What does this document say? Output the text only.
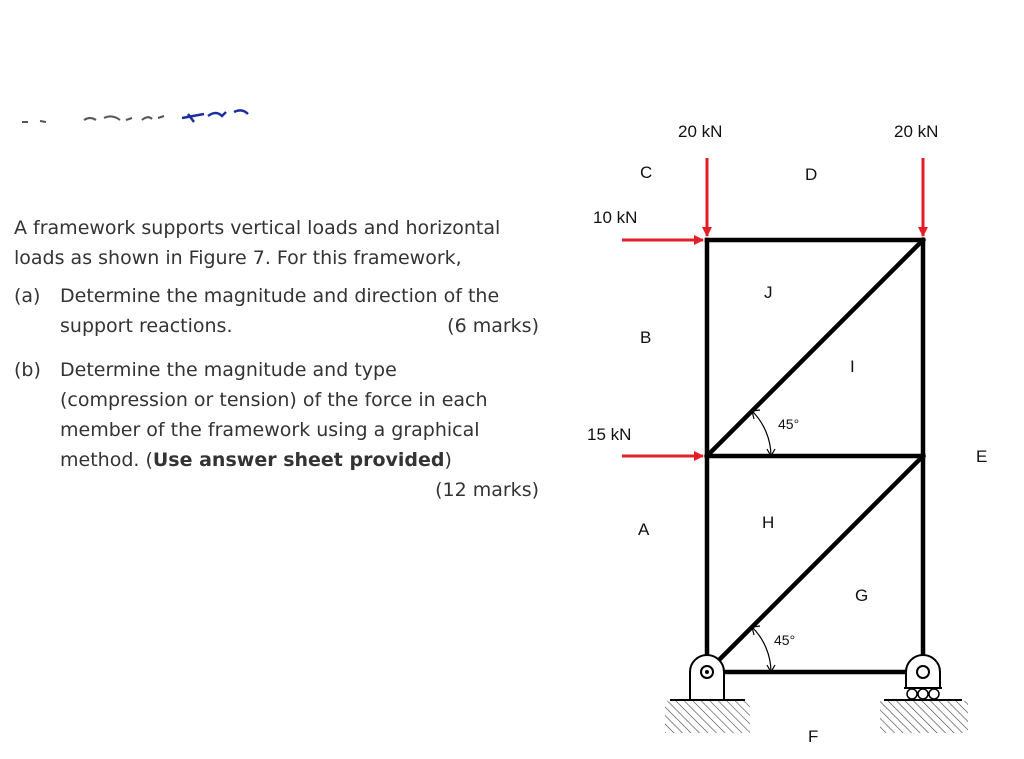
A framework supports vertical loads and horizontal
loads as shown in Figure 7. For this framework,

(a)	Determine the magnitude and direction of the
support reactions.	(6 marks)
(b)	Determine the magnitude and type
(compression or tension) of the force in each
member of the framework using a graphical
method. (Use answer sheet provided)
(12 marks)
20 kN	20 kN
10 kN
15 kN
C	D
J
B
I
E
H
A
G
F
45°
45°
